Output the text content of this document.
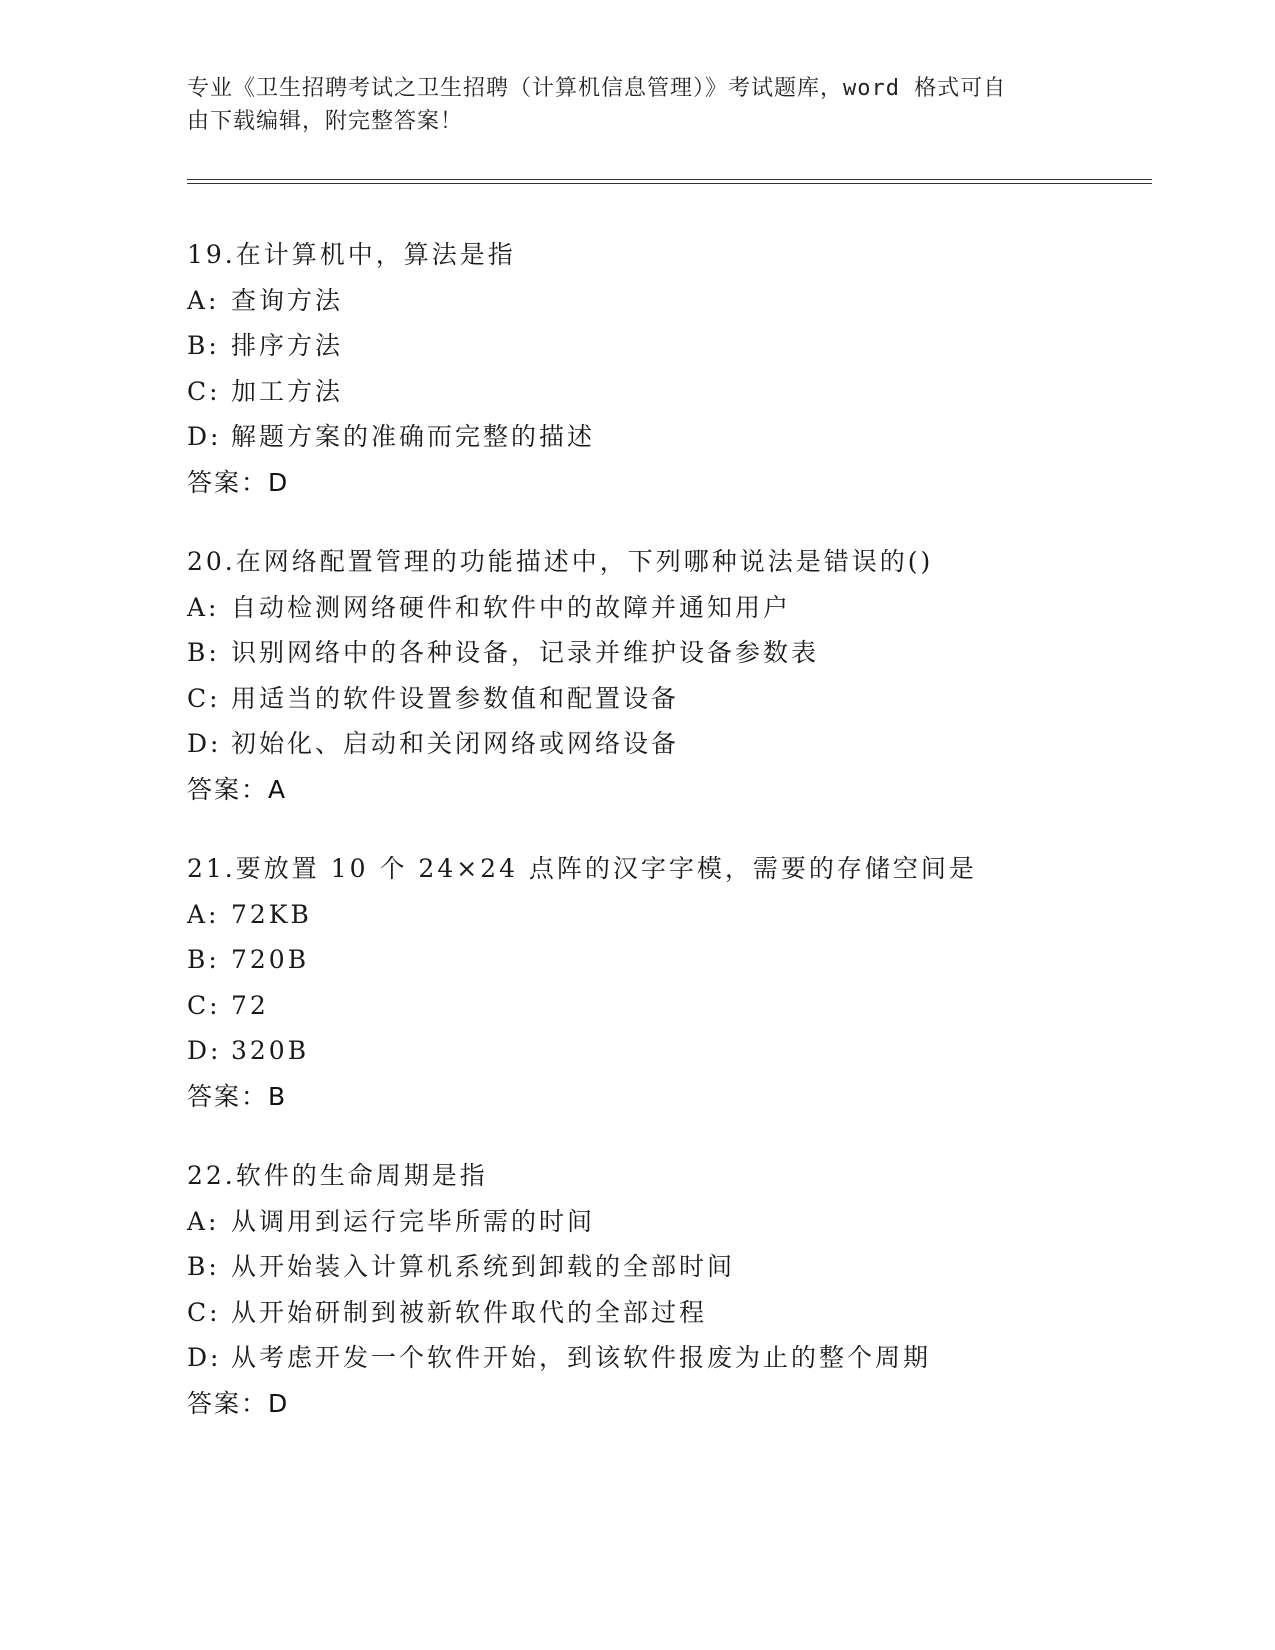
专业《卫生招聘考试之卫生招聘（计算机信息管理）》考试题库，word 格式可自
由下载编辑，附完整答案！
19.在计算机中，算法是指
A: 查询方法
B: 排序方法
C: 加工方法
D: 解题方案的准确而完整的描述
答案：D
20.在网络配置管理的功能描述中，下列哪种说法是错误的()
A: 自动检测网络硬件和软件中的故障并通知用户
B: 识别网络中的各种设备，记录并维护设备参数表
C: 用适当的软件设置参数值和配置设备
D: 初始化、启动和关闭网络或网络设备
答案：A
21.要放置 10 个 24×24 点阵的汉字字模，需要的存储空间是
A: 72KB
B: 720B
C: 72
D: 320B
答案：B
22.软件的生命周期是指
A: 从调用到运行完毕所需的时间
B: 从开始装入计算机系统到卸载的全部时间
C: 从开始研制到被新软件取代的全部过程
D: 从考虑开发一个软件开始，到该软件报废为止的整个周期
答案：D
